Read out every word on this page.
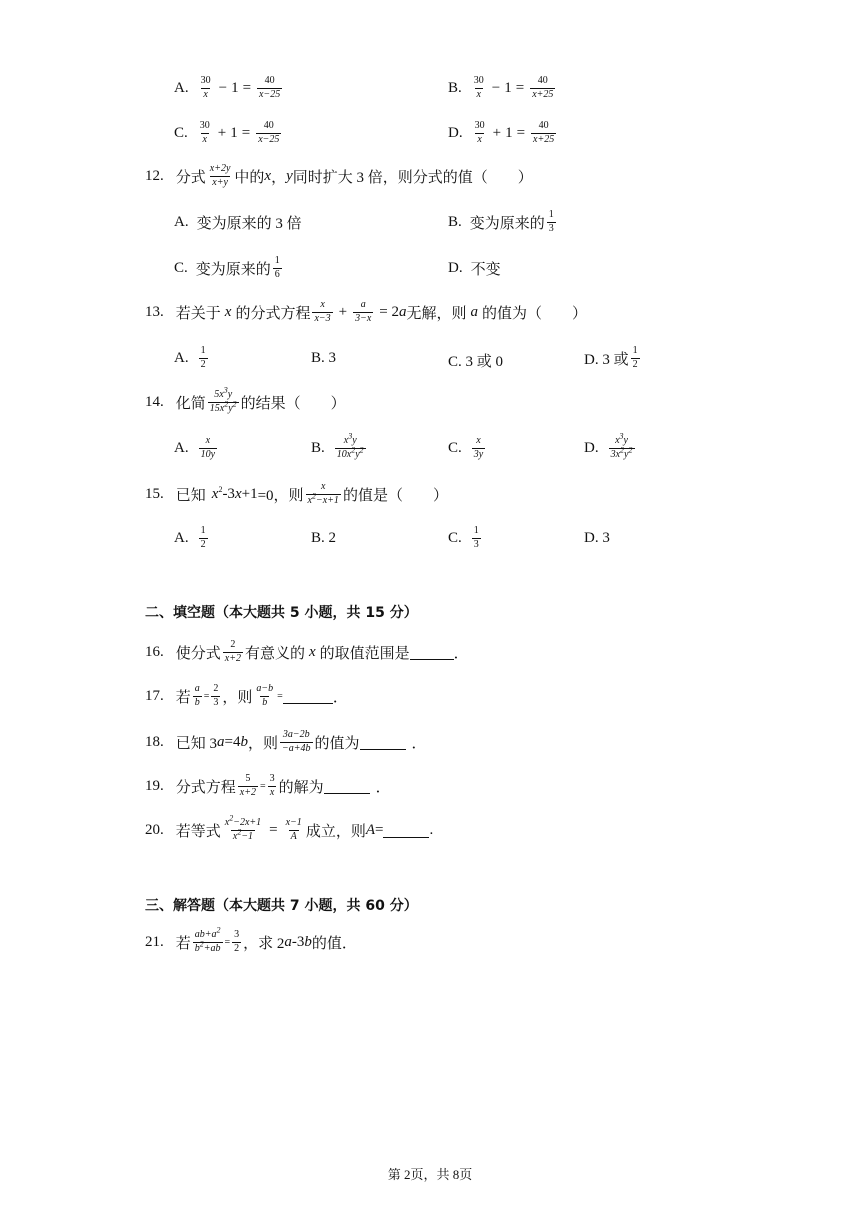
A. $\frac{30}{x} - 1 = \frac{40}{x-25}$	B. $\frac{30}{x} - 1 = \frac{40}{x+25}$
C. $\frac{30}{x} + 1 = \frac{40}{x-25}$	D. $\frac{30}{x} + 1 = \frac{40}{x+25}$
12. 分式 $\frac{x+2y}{x+y}$ 中的 x ， y 同时扩大 3 倍，则分式的值（　　）
A. 变为原来的 3 倍	B. 变为原来的 $\frac{1}{3}$
C. 变为原来的 $\frac{1}{6}$	D. 不变
13. 若关于 x 的分式方程 $\frac{x}{x-3} + \frac{a}{3-x} = 2$ a 无解，则 a 的值为（　　）
A. $\frac{1}{2}$	B. 3	C. 3 或 0	D. 3 或 $\frac{1}{2}$
14. 化简 $\frac{5x^3y}{15x^2y^2}$ 的结果（　　）
A. $\frac{x}{10y}$	B. $\frac{x^3y}{10x^2y^2}$	C. $\frac{x}{3y}$	D. $\frac{x^3y}{3x^2y^2}$
15. 已知 $x^2-3x+1 =0$，则 $\frac{x}{x^2-x+1}$ 的值是（　　）
A. $\frac{1}{2}$	B. 2	C. $\frac{1}{3}$	D. 3
二、填空题（本大题共 5 小题，共 15 分）
16. 使分式 $\frac{2}{x+2}$ 有意义的 x 的取值范围是	．
17. 若 $\frac{a}{b} = \frac{2}{3}$ ，则 $\frac{a-b}{b}$ =	．
18. 已知 3 a =4 b ，则 $\frac{3a-2b}{-a+4b}$ 的值为	．
19. 分式方程 $\frac{5}{x+2} = \frac{3}{x}$ 的解为	．
20. 若等式 $\frac{x^2-2x+1}{x^2-1} = \frac{x-1}{A}$ 成立，则 A =	.
三、解答题（本大题共 7 小题，共 60 分）
21. 若 $\frac{ab+a^2}{b^2+ab} = \frac{3}{2}$ ，求 2 a -3 b 的值．
第 2页，共 8页
